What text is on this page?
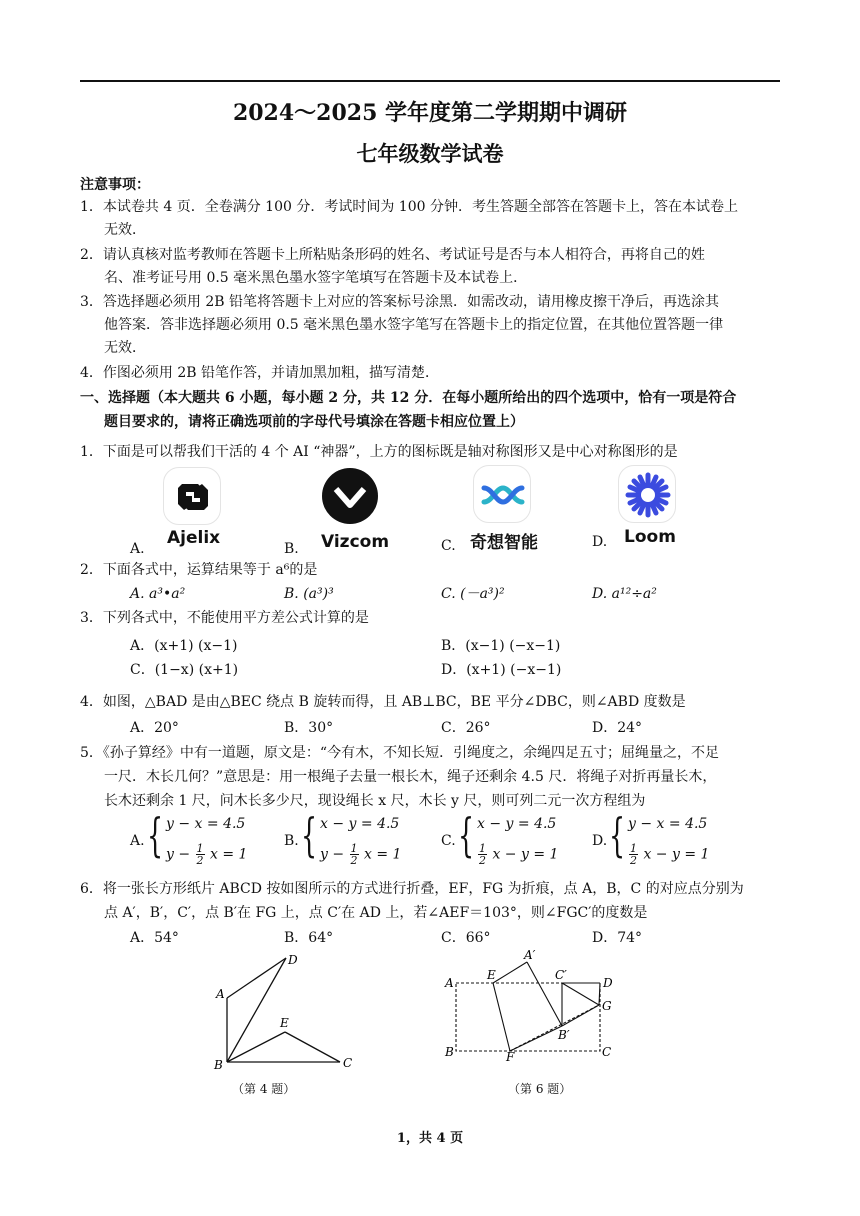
2024～2025 学年度第二学期期中调研
七年级数学试卷
注意事项：
1．本试卷共 4 页．全卷满分 100 分．考试时间为 100 分钟．考生答题全部答在答题卡上，答在本试卷上
无效．
2．请认真核对监考教师在答题卡上所粘贴条形码的姓名、考试证号是否与本人相符合，再将自己的姓
名、准考证号用 0.5 毫米黑色墨水签字笔填写在答题卡及本试卷上．
3．答选择题必须用 2B 铅笔将答题卡上对应的答案标号涂黑．如需改动，请用橡皮擦干净后，再选涂其
他答案．答非选择题必须用 0.5 毫米黑色墨水签字笔写在答题卡上的指定位置，在其他位置答题一律
无效．
4．作图必须用 2B 铅笔作答，并请加黑加粗，描写清楚．
一、选择题（本大题共 6 小题，每小题 2 分，共 12 分．在每小题所给出的四个选项中，恰有一项是符合
题目要求的，请将正确选项前的字母代号填涂在答题卡相应位置上）
1．下面是可以帮我们干活的 4 个 AI “神器”，上方的图标既是轴对称图形又是中心对称图形的是
A.
Ajelix
B. Vizcom	C. 奇想智能	D. Loom
2．下面各式中，运算结果等于 a⁶的是
A. a³•a²	B. (a³)³	C. (－a³)²	D. a¹²÷a²
3．下列各式中，不能使用平方差公式计算的是
A．(x+1) (x−1)	B．(x−1) (−x−1)
C．(1−x) (x+1)	D．(x+1) (−x−1)
4．如图，△BAD 是由△BEC 绕点 B 旋转而得，且 AB⊥BC，BE 平分∠DBC，则∠ABD 度数是
A．20°	B．30°	C．26°	D．24°
5．《孙子算经》中有一道题，原文是：“今有木，不知长短．引绳度之，余绳四足五寸；屈绳量之，不足
一尺．木长几何？”意思是：用一根绳子去量一根长木，绳子还剩余 4.5 尺．将绳子对折再量长木，
长木还剩余 1 尺，问木长多少尺，现设绳长 x 尺，木长 y 尺，则可列二元一次方程组为
A. { y − x = 4.5
$y - \frac{1}{2}$ x = 1
B. { x − y = 4.5
$y - \frac{1}{2}$ x = 1
C. { x − y = 4.5
$\frac{1}{2}$ x − y = 1
D. { y − x = 4.5
$\frac{1}{2}$ x − y = 1
6．将一张长方形纸片 ABCD 按如图所示的方式进行折叠，EF，FG 为折痕，点 A，B，C 的对应点分别为
点 A′，B′，C′，点 B′在 FG 上，点 C′在 AD 上，若∠AEF＝103°，则∠FGC′的度数是
A．54°	B．64°	C．66°	D．74°
D
A
E
B	C
（第 4 题）
A
E
A′
C′
D
G
B′
B	F	C
（第 6 题）
1，共 4 页
